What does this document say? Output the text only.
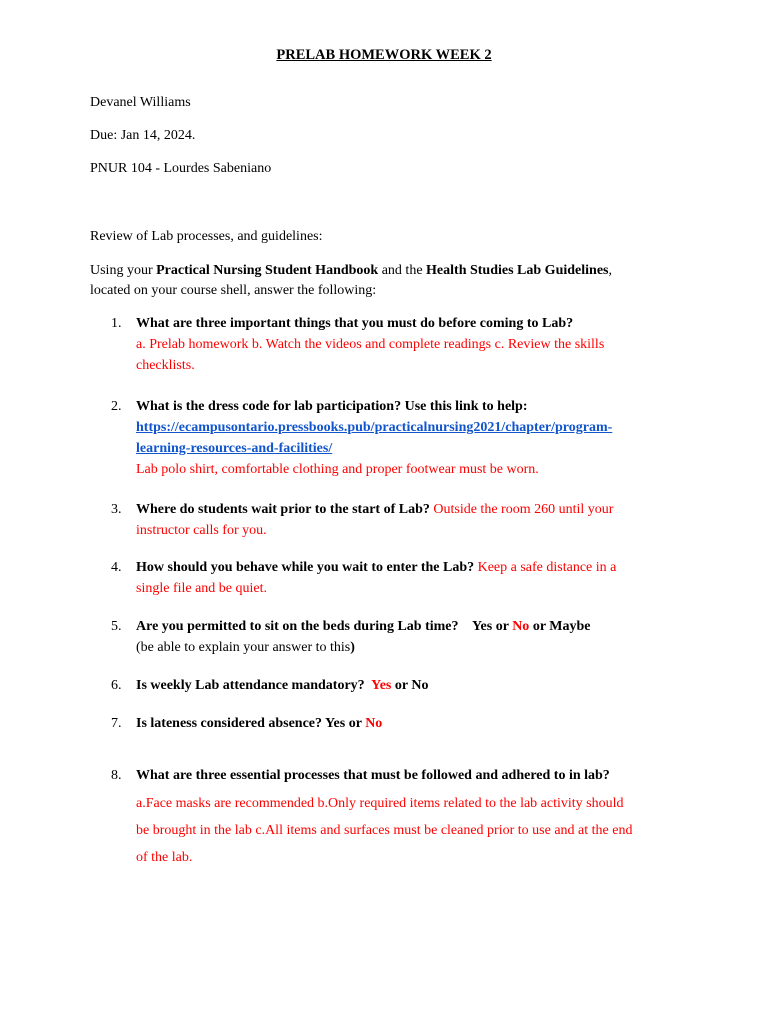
PRELAB HOMEWORK WEEK 2
Devanel Williams
Due: Jan 14, 2024.
PNUR 104 - Lourdes Sabeniano
Review of Lab processes, and guidelines:
Using your Practical Nursing Student Handbook and the Health Studies Lab Guidelines,
located on your course shell, answer the following:
1.	What are three important things that you must do before coming to Lab?
a. Prelab homework b. Watch the videos and complete readings c. Review the skills
checklists.
2.	What is the dress code for lab participation? Use this link to help:
https://ecampusontario.pressbooks.pub/practicalnursing2021/chapter/program-
learning-resources-and-facilities/
Lab polo shirt, comfortable clothing and proper footwear must be worn.
3.	Where do students wait prior to the start of Lab? Outside the room 260 until your
instructor calls for you.
4.	How should you behave while you wait to enter the Lab? Keep a safe distance in a
single file and be quiet.
5.	Are you permitted to sit on the beds during Lab time?    Yes or No or Maybe
(be able to explain your answer to this)
6.	Is weekly Lab attendance mandatory?  Yes or No
7.	Is lateness considered absence? Yes or No
8.	What are three essential processes that must be followed and adhered to in lab?
a.Face masks are recommended b.Only required items related to the lab activity should
be brought in the lab c.All items and surfaces must be cleaned prior to use and at the end
of the lab.
